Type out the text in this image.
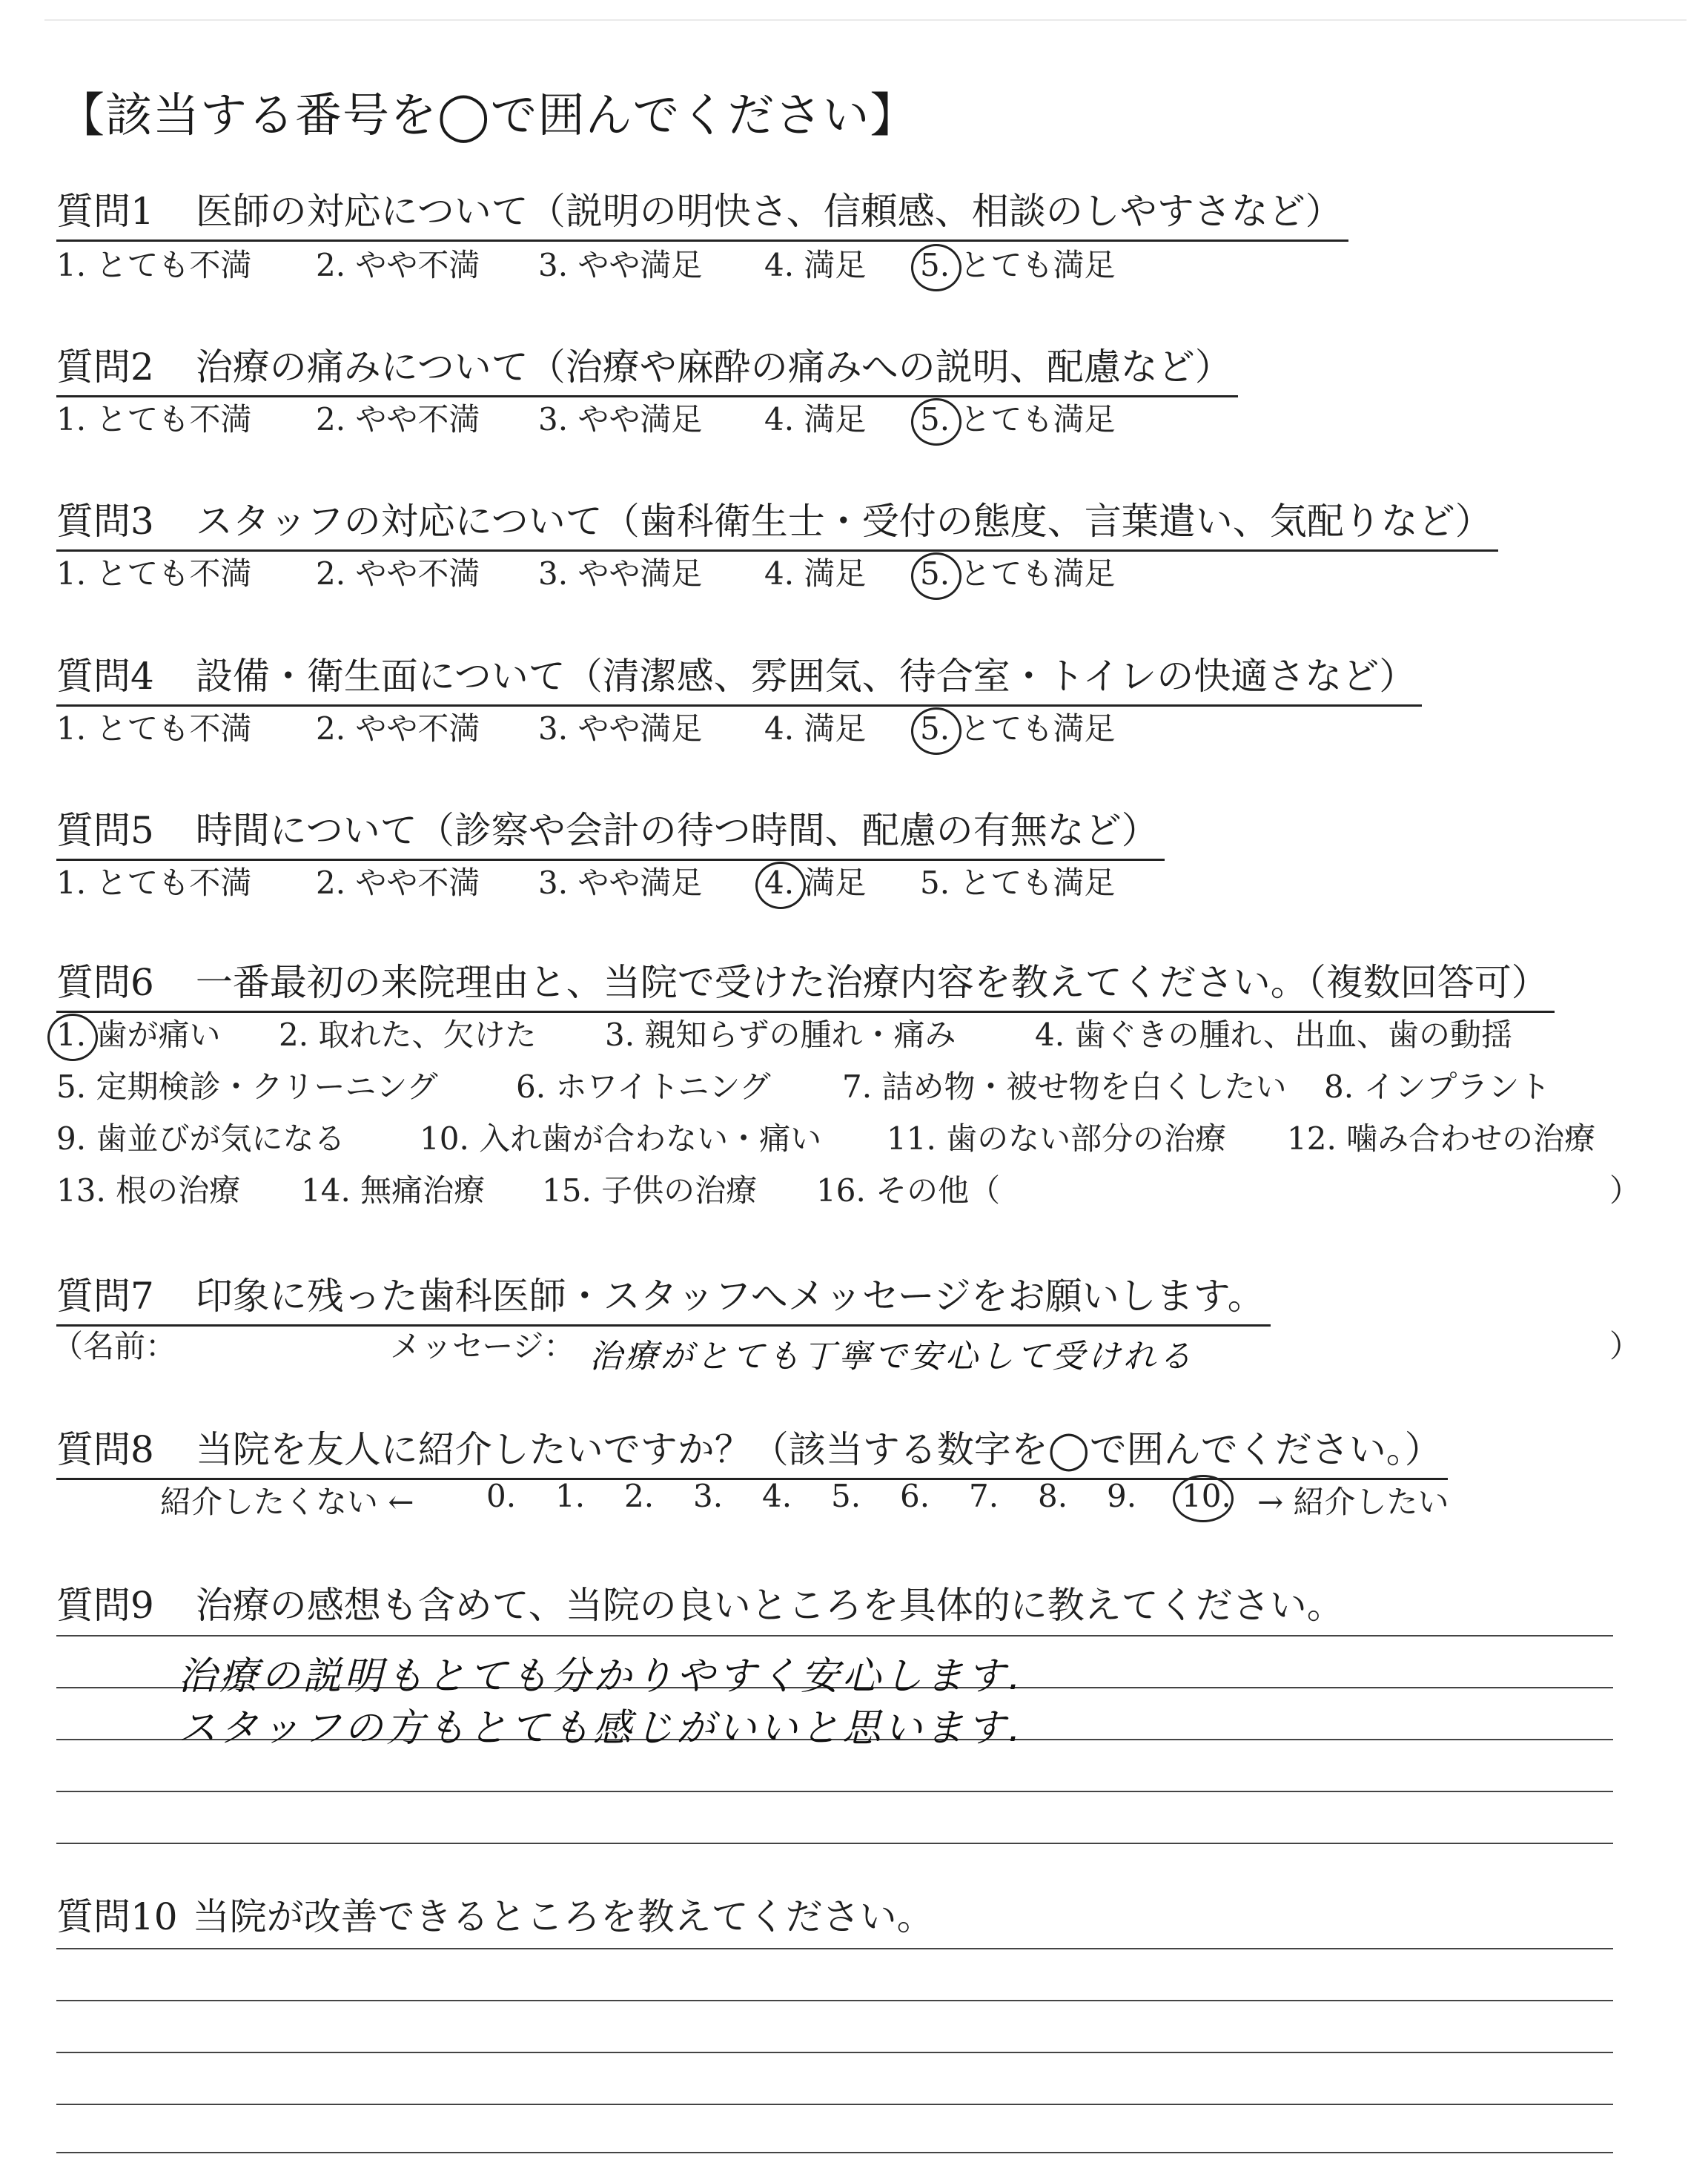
【該当する番号を◯で囲んでください】
質問1 医師の対応について（説明の明快さ、信頼感、相談のしやすさなど）
1. とても不満 2. やや不満 3. やや満足 4. 満足 5. とても満足
質問2 治療の痛みについて（治療や麻酔の痛みへの説明、配慮など）
1. とても不満 2. やや不満 3. やや満足 4. 満足 5. とても満足
質問3 スタッフの対応について（歯科衛生士・受付の態度、言葉遣い、気配りなど）
1. とても不満 2. やや不満 3. やや満足 4. 満足 5. とても満足
質問4 設備・衛生面について（清潔感、雰囲気、待合室・トイレの快適さなど）
1. とても不満 2. やや不満 3. やや満足 4. 満足 5. とても満足
質問5 時間について（診察や会計の待つ時間、配慮の有無など）
1. とても不満 2. やや不満 3. やや満足 4. 満足 5. とても満足
質問6 一番最初の来院理由と、当院で受けた治療内容を教えてください。（複数回答可）
1. 歯が痛い 2. 取れた、欠けた 3. 親知らずの腫れ・痛み	4. 歯ぐきの腫れ、出血、歯の動揺
5. 定期検診・クリーニング	6. ホワイトニング 7. 詰め物・被せ物を白くしたい 8. インプラント
9. 歯並びが気になる 10. 入れ歯が合わない・痛い 11. 歯のない部分の治療 12. 噛み合わせの治療
13. 根の治療 14. 無痛治療 15. 子供の治療 16. その他（	）
質問7 印象に残った歯科医師・スタッフへメッセージをお願いします。
（名前：	メッセージ：	）
治療がとても丁寧で安心して受けれる
質問8 当院を友人に紹介したいですか？（該当する数字を◯で囲んでください。）
紹介したくない ← 0. 1. 2. 3. 4. 5. 6. 7. 8. 9. 10. → 紹介したい
質問9 治療の感想も含めて、当院の良いところを具体的に教えてください。
治療の説明もとても分かりやすく安心します.
スタッフの方もとても感じがいいと思います.
質問10 当院が改善できるところを教えてください。
